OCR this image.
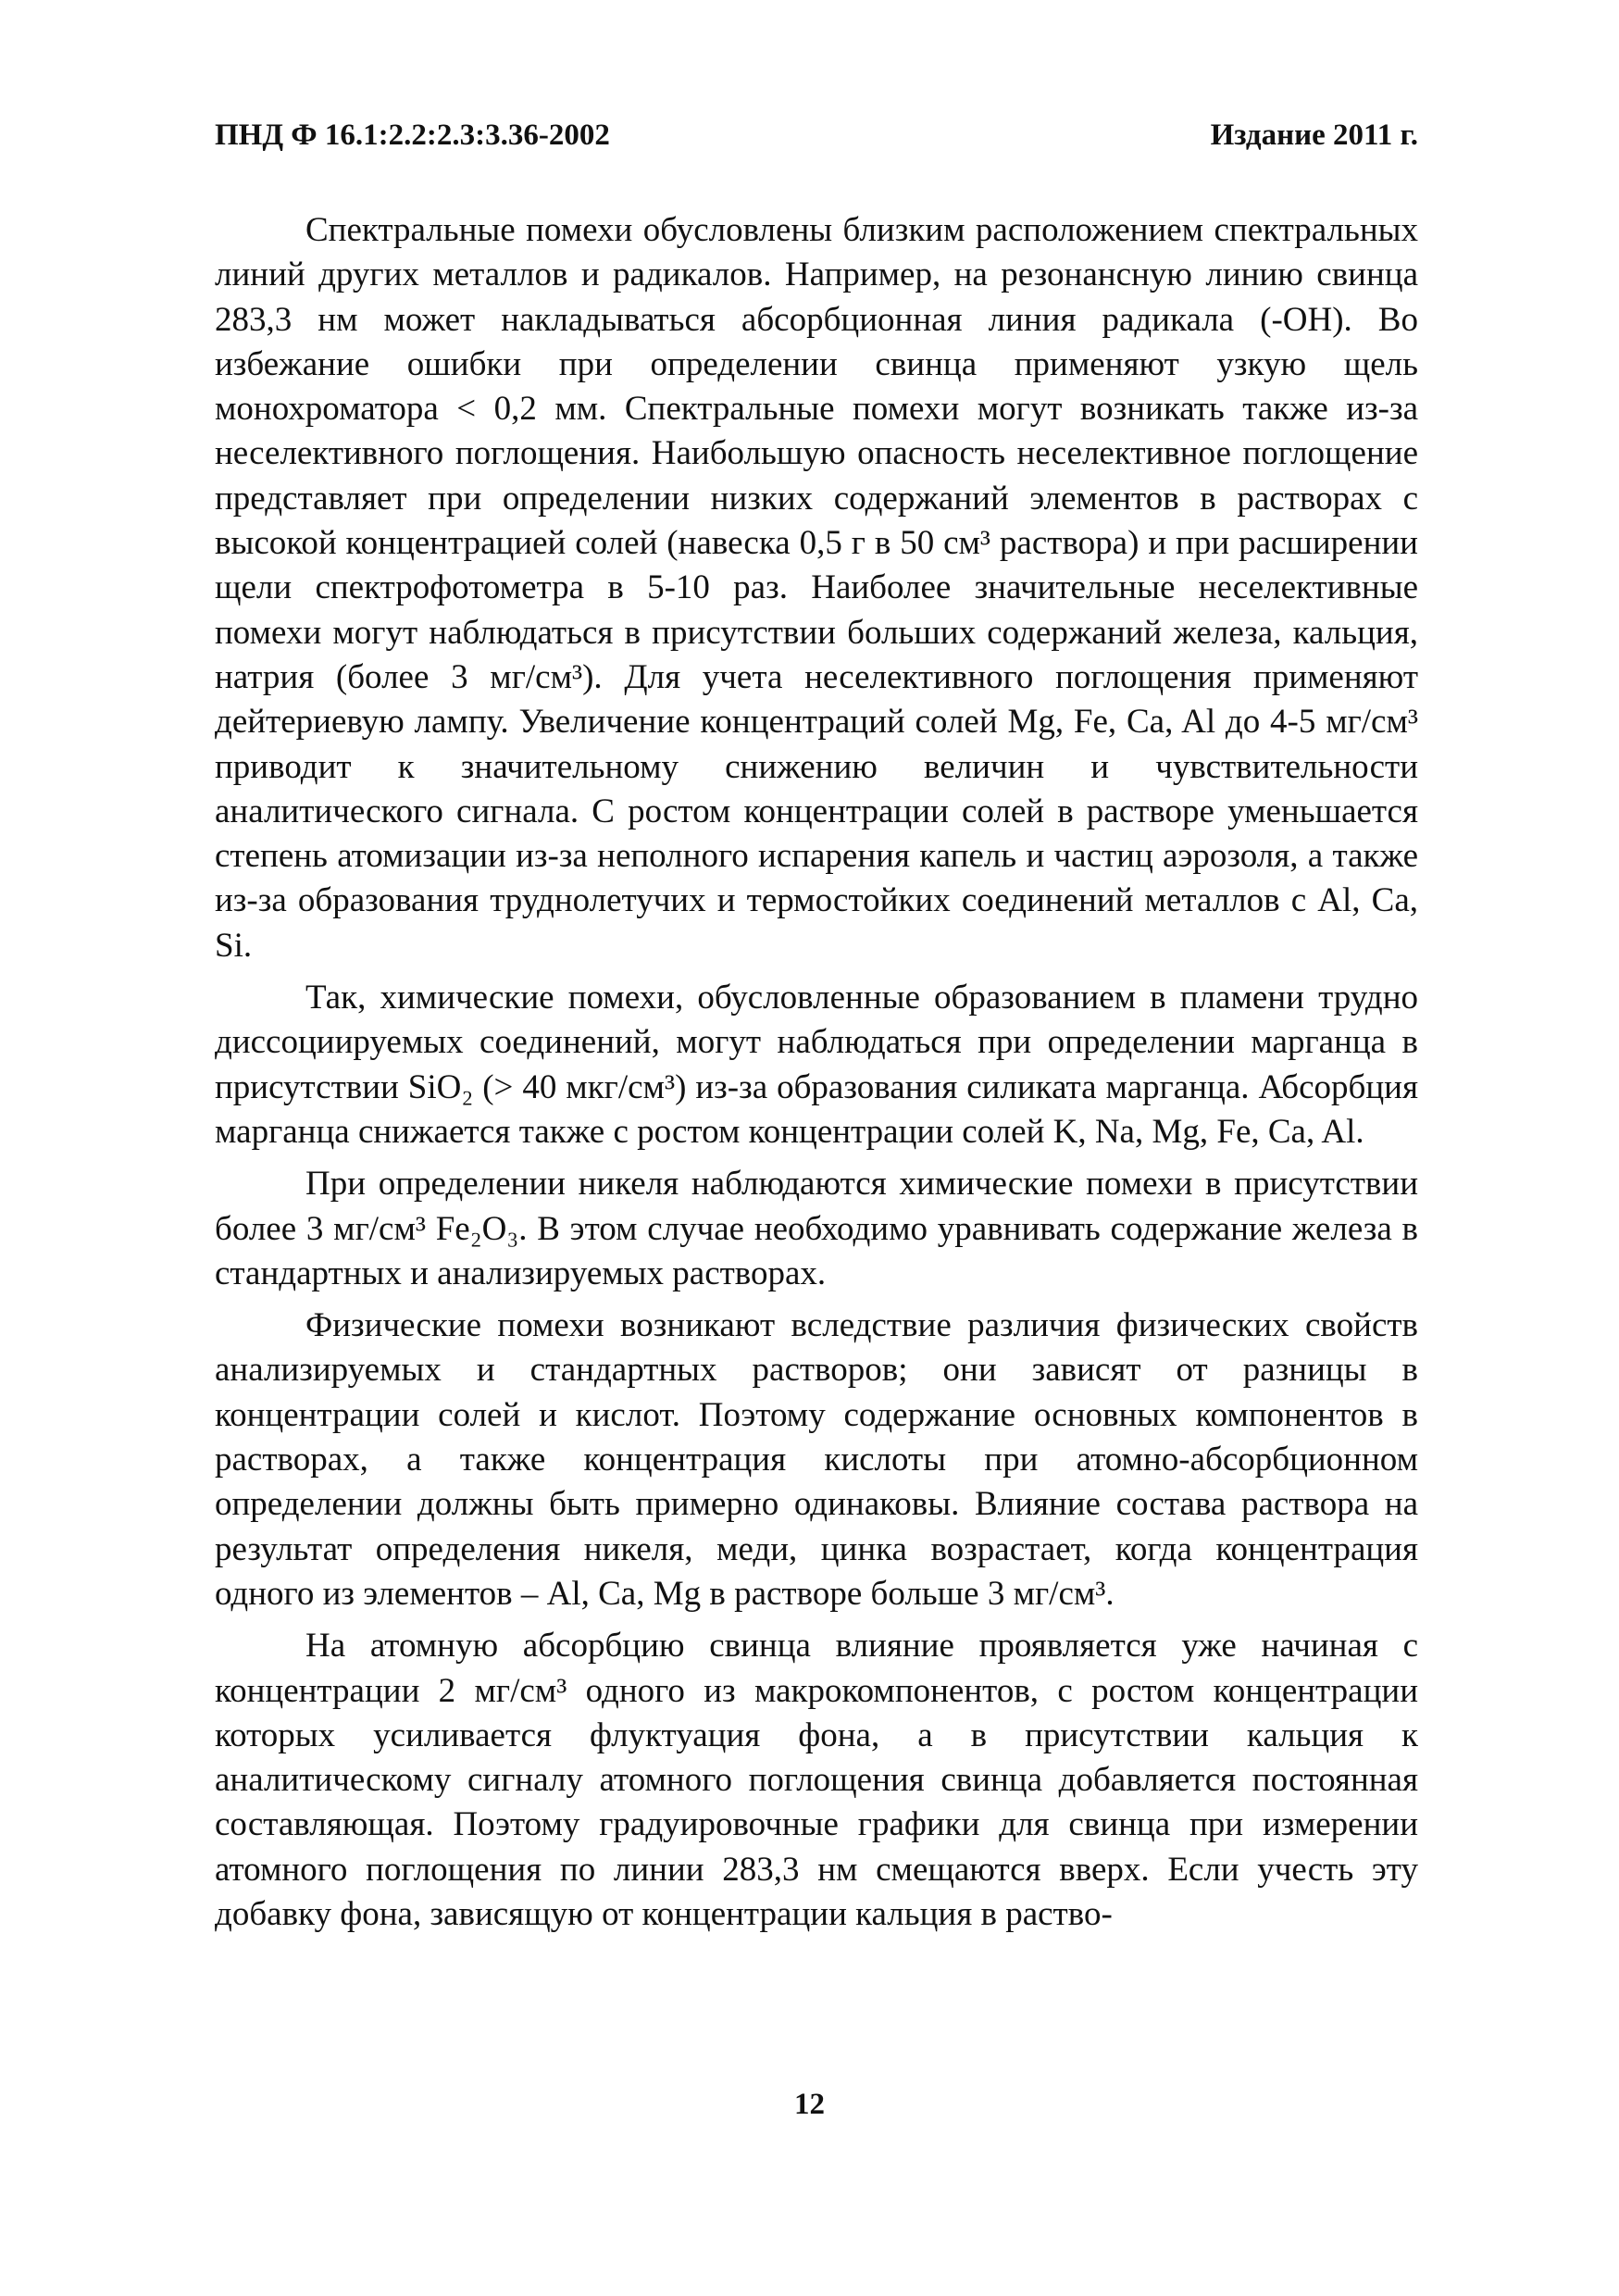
ПНД Ф 16.1:2.2:2.3:3.36-2002	Издание 2011 г.

Спектральные помехи обусловлены близким расположением спектральных линий других металлов и радикалов. Например, на резонансную линию свинца 283,3 нм может накладываться абсорбционная линия радикала (-ОН). Во избежание ошибки при определении свинца применяют узкую щель монохроматора < 0,2 мм. Спектральные помехи могут возникать также из-за неселективного поглощения. Наибольшую опасность неселективное поглощение представляет при определении низких содержаний элементов в растворах с высокой концентрацией солей (навеска 0,5 г в 50 см³ раствора) и при расширении щели спектрофотометра в 5-10 раз. Наиболее значительные неселективные помехи могут наблюдаться в присутствии больших содержаний железа, кальция, натрия (более 3 мг/см³). Для учета неселективного поглощения применяют дейтериевую лампу. Увеличение концентраций солей Mg, Fe, Ca, Al до 4-5 мг/см³ приводит к значительному снижению величин и чувствительности аналитического сигнала. С ростом концентрации солей в растворе уменьшается степень атомизации из-за неполного испарения капель и частиц аэрозоля, а также из-за образования труднолетучих и термостойких соединений металлов с Al, Ca, Si.

Так, химические помехи, обусловленные образованием в пламени трудно диссоциируемых соединений, могут наблюдаться при определении марганца в присутствии SiO₂ (> 40 мкг/см³) из-за образования силиката марганца. Абсорбция марганца снижается также с ростом концентрации солей K, Na, Mg, Fe, Ca, Al.

При определении никеля наблюдаются химические помехи в присутствии более 3 мг/см³ Fe₂O₃. В этом случае необходимо уравнивать содержание железа в стандартных и анализируемых растворах.

Физические помехи возникают вследствие различия физических свойств анализируемых и стандартных растворов; они зависят от разницы в концентрации солей и кислот. Поэтому содержание основных компонентов в растворах, а также концентрация кислоты при атомно-абсорбционном определении должны быть примерно одинаковы. Влияние состава раствора на результат определения никеля, меди, цинка возрастает, когда концентрация одного из элементов – Al, Ca, Mg в растворе больше 3 мг/см³.

На атомную абсорбцию свинца влияние проявляется уже начиная с концентрации 2 мг/см³ одного из макрокомпонентов, с ростом концентрации которых усиливается флуктуация фона, а в присутствии кальция к аналитическому сигналу атомного поглощения свинца добавляется постоянная составляющая. Поэтому градуировочные графики для свинца при измерении атомного поглощения по линии 283,3 нм смещаются вверх. Если учесть эту добавку фона, зависящую от концентрации кальция в раство-

12
